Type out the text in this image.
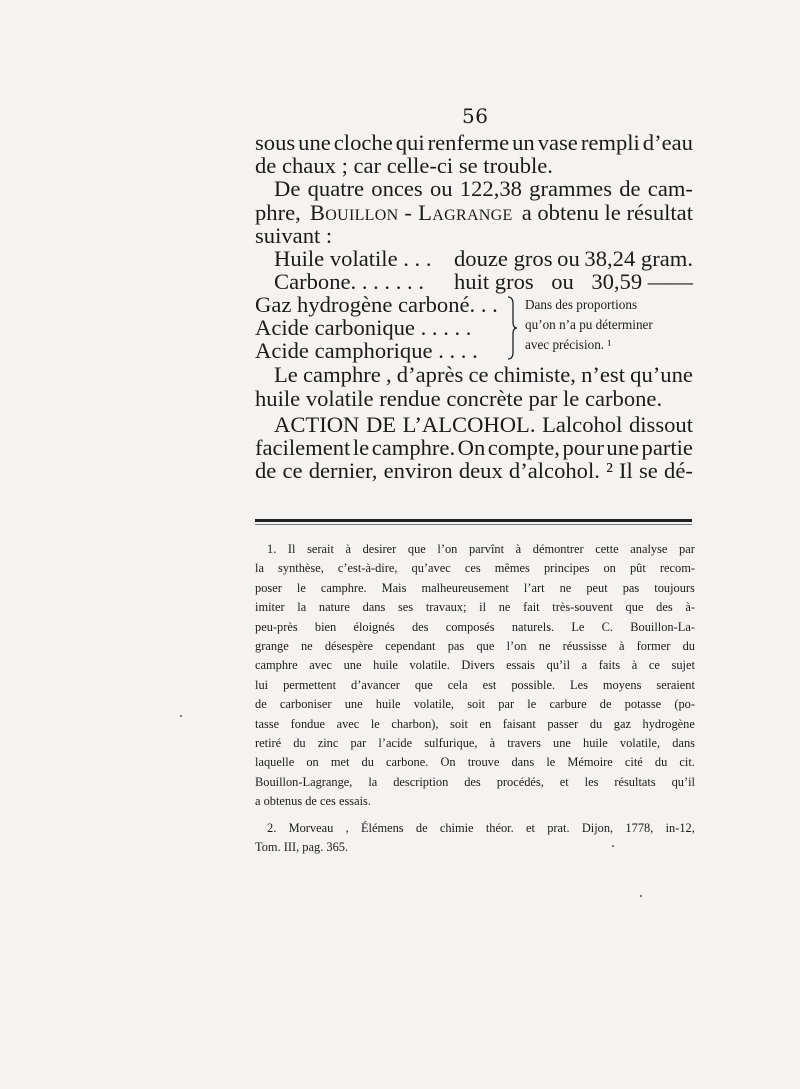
56
sous une cloche qui renferme un vase rempli d’eau
de chaux ; car celle-ci se trouble.
De quatre onces ou 122,38 grammes de cam-
phre, Bouillon - Lagrange a obtenu le résultat
suivant :
Huile volatile . . . douze gros ou 38,24 gram.
Carbone. . . . . . .	huit gros ou 30,59 ——
Gaz hydrogène carboné. . .
Acide carbonique . . . . .
Acide camphorique . . . .
Dans des proportions
qu’on n’a pu déterminer
avec précision. ¹
Le camphre , d’après ce chimiste, n’est qu’une
huile volatile rendue concrète par le carbone.
ACTION DE L’ALCOHOL. Lalcohol dissout
facilement le camphre. On compte, pour une partie
de ce dernier, environ deux d’alcohol. ² Il se dé-
1. Il serait à desirer que l’on parvînt à démontrer cette analyse par
la synthèse, c’est-à-dire, qu’avec ces mêmes principes on pût recom-
poser le camphre. Mais malheureusement l’art ne peut pas toujours
imiter la nature dans ses travaux; il ne fait très-souvent que des à-
peu-près bien éloignés des composés naturels. Le C. Bouillon-La-
grange ne désespère cependant pas que l’on ne réussisse à former du
camphre avec une huile volatile. Divers essais qu’il a faits à ce sujet
lui permettent d’avancer que cela est possible. Les moyens seraient
de carboniser une huile volatile, soit par le carbure de potasse (po-
tasse fondue avec le charbon), soit en faisant passer du gaz hydrogène
retiré du zinc par l’acide sulfurique, à travers une huile volatile, dans
laquelle on met du carbone. On trouve dans le Mémoire cité du cit.
Bouillon-Lagrange, la description des procédés, et les résultats qu’il
a obtenus de ces essais.
2. Morveau , Élémens de chimie théor. et prat. Dijon, 1778, in-12,
Tom. III, pag. 365.
